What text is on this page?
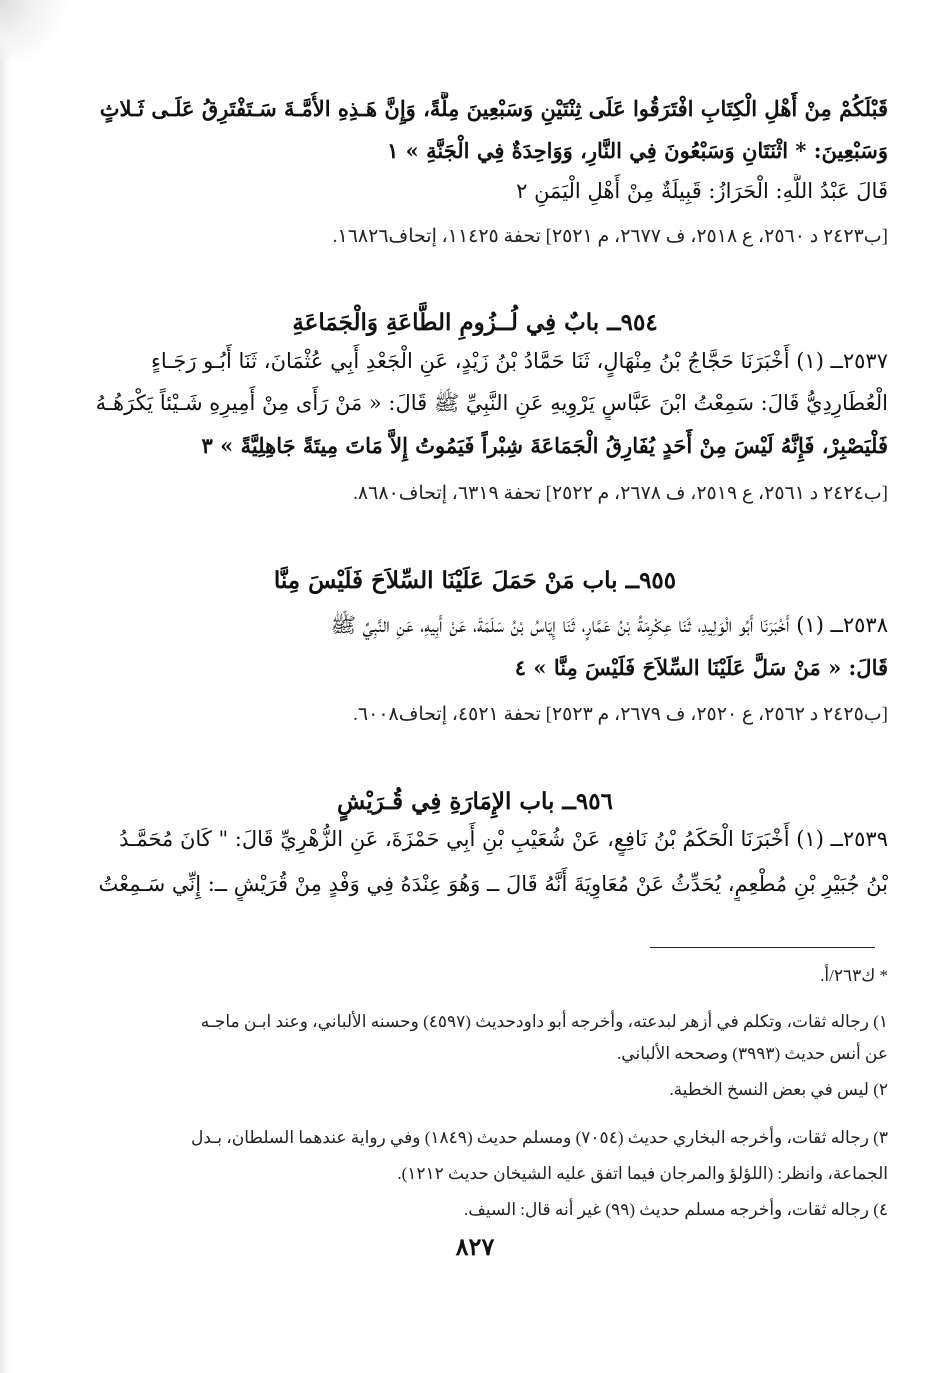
قَبْلَكُمْ مِنْ أَهْلِ الْكِتَابِ افْتَرَقُوا عَلَى ثِنْتَيْنِ وَسَبْعِينَ مِلَّةً، وَإِنَّ هَـذِهِ الأُمَّـةَ سَـتَفْتَرِقُ عَلَـى ثَـلاثٍ
وَسَبْعِينَ: * اثْنَتَانِ وَسَبْعُونَ فِي النَّارِ، وَوَاحِدَةٌ فِي الْجَنَّةِ » ١
قَالَ عَبْدُ اللَّهِ: الْحَرَازُ: قَبِيلَةٌ مِنْ أَهْلِ الْيَمَنِ ٢
[ب٢٤٢٣ د ٢٥٦٠، ع ٢٥١٨، ف ٢٦٧٧، م ٢٥٢١] تحفة ١١٤٢٥، إتحاف١٦٨٢٦.
٩٥٤ــ بابٌ فِي لُــزُومِ الطَّاعَةِ وَالْجَمَاعَةِ
٢٥٣٧ــ (١) أَخْبَرَنَا حَجَّاجُ بْنُ مِنْهَالٍ، ثَنَا حَمَّادُ بْنُ زَيْدٍ، عَنِ الْجَعْدِ أَبِي عُثْمَانَ، ثَنَا أَبُـو رَجَـاءٍ
الْعُطَارِدِيُّ قَالَ: سَمِعْتُ ابْنَ عَبَّاسٍ يَرْوِيهِ عَنِ النَّبِيِّ ﷺ قَالَ: « مَنْ رَأَى مِنْ أَمِيرِهِ شَـيْئاً يَكْرَهُـهُ
فَلْيَصْبِرْ، فَإِنَّهُ لَيْسَ مِنْ أَحَدٍ يُفَارِقُ الْجَمَاعَةَ شِبْراً فَيَمُوتُ إِلاَّ مَاتَ مِيتَةً جَاهِلِيَّةً » ٣
[ب٢٤٢٤ د ٢٥٦١، ع ٢٥١٩، ف ٢٦٧٨، م ٢٥٢٢] تحفة ٦٣١٩، إتحاف٨٦٨٠.
٩٥٥ــ باب مَنْ حَمَلَ عَلَيْنَا السِّلاَحَ فَلَيْسَ مِنَّا
٢٥٣٨ــ (١) أَخْبَرَنَا أَبُو الْوَلِيدِ، ثَنَا عِكْرِمَةُ بْنُ عَمَّارٍ، ثَنَا إِيَاسُ بْنُ سَلَمَةَ، عَنْ أَبِيهِ، عَنِ النَّبِيِّ ﷺ
قَالَ: « مَنْ سَلَّ عَلَيْنَا السِّلاَحَ فَلَيْسَ مِنَّا » ٤
[ب٢٤٢٥ د ٢٥٦٢، ع ٢٥٢٠، ف ٢٦٧٩، م ٢٥٢٣] تحفة ٤٥٢١، إتحاف٦٠٠٨.
٩٥٦ــ باب الإِمَارَةِ فِي قُـرَيْشٍ
٢٥٣٩ــ (١) أَخْبَرَنَا الْحَكَمُ بْنُ نَافِعٍ، عَنْ شُعَيْبِ بْنِ أَبِي حَمْزَةَ، عَنِ الزُّهْرِيِّ قَالَ: " كَانَ مُحَمَّـدُ
بْنُ جُبَيْرِ بْنِ مُطْعِمٍ، يُحَدِّثُ عَنْ مُعَاوِيَةَ أَنَّهُ قَالَ ــ وَهُوَ عِنْدَهُ فِي وَفْدٍ مِنْ قُرَيْشٍ ــ: إِنِّي سَـمِعْتُ
* ك٢٦٣/أ.
١) رجاله ثقات، وتكلم في أزهر لبدعته، وأخرجه أبو داودحديث (٤٥٩٧) وحسنه الألباني، وعند ابـن ماجـه
عن أنس حديث (٣٩٩٣) وصححه الألباني.
٢) ليس في بعض النسخ الخطية.
٣) رجاله ثقات، وأخرجه البخاري حديث (٧٠٥٤) ومسلم حديث (١٨٤٩) وفي رواية عندهما السلطان، بـدل
الجماعة، وانظر: (اللؤلؤ والمرجان فيما اتفق عليه الشيخان حديث ١٢١٢).
٤) رجاله ثقات، وأخرجه مسلم حديث (٩٩) غير أنه قال: السيف.
٨٢٧
